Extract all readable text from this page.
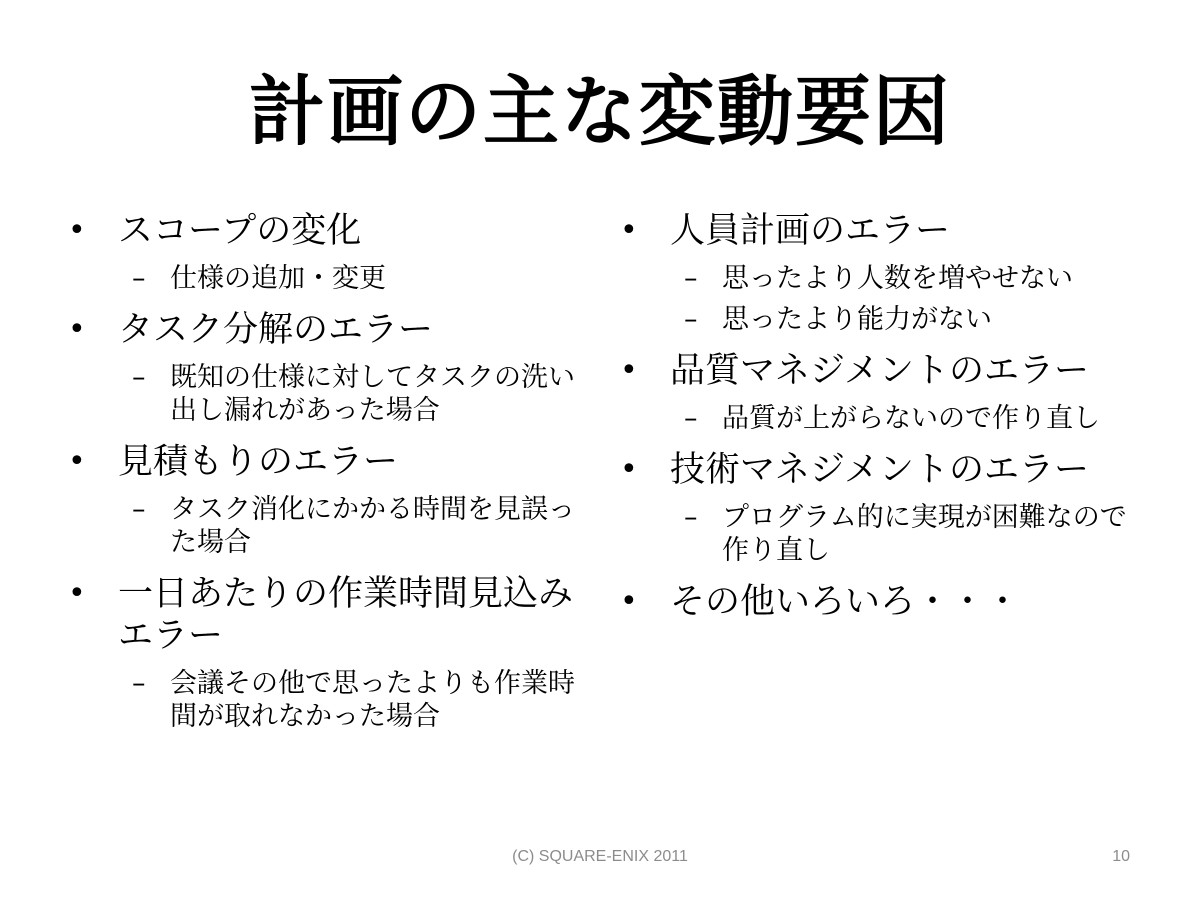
計画の主な変動要因
• スコープの変化
– 仕様の追加・変更
• タスク分解のエラー
– 既知の仕様に対してタスクの洗い出し漏れがあった場合
• 見積もりのエラー
– タスク消化にかかる時間を見誤った場合
• 一日あたりの作業時間見込みエラー
– 会議その他で思ったよりも作業時間が取れなかった場合
• 人員計画のエラー
– 思ったより人数を増やせない
– 思ったより能力がない
• 品質マネジメントのエラー
– 品質が上がらないので作り直し
• 技術マネジメントのエラー
– プログラム的に実現が困難なので作り直し
• その他いろいろ・・・
(C) SQUARE-ENIX 2011	10
